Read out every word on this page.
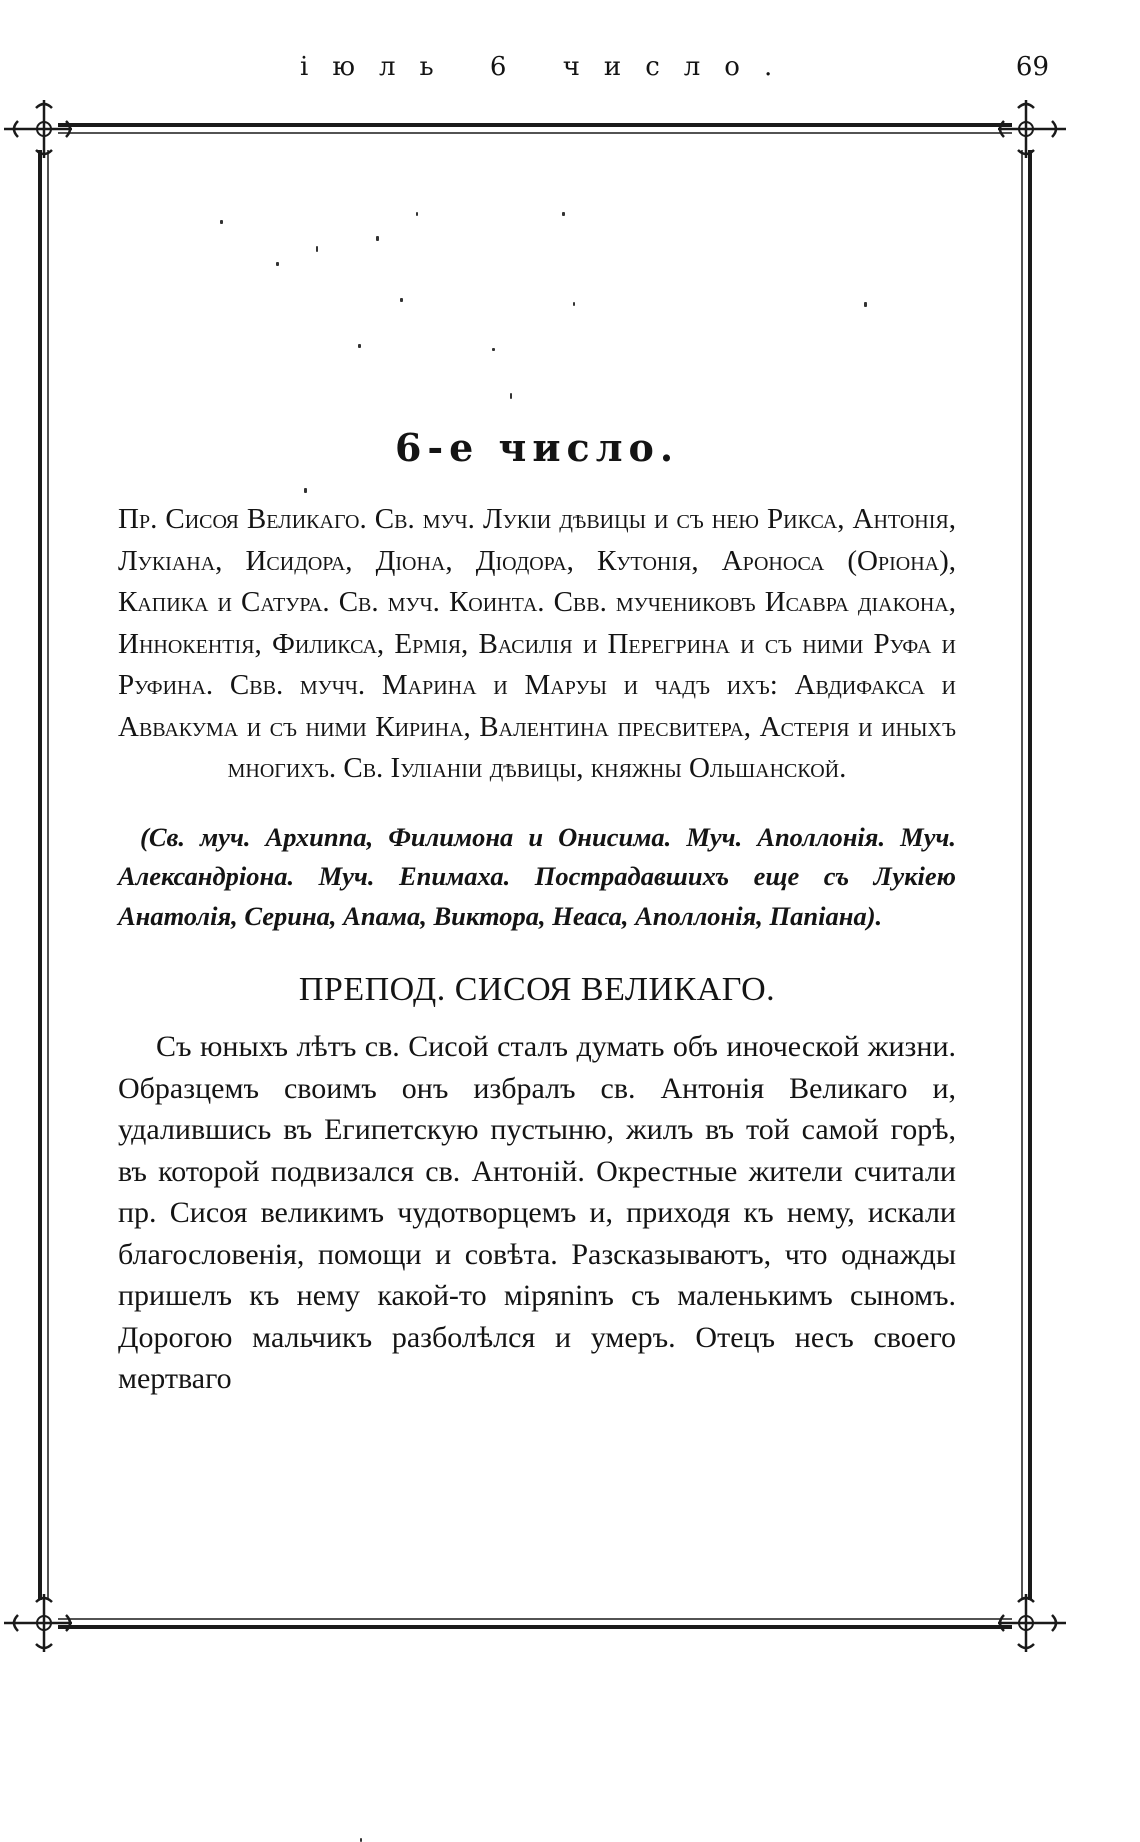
іюль 6 число.	69
6-е число.

Пр. Сисоя Великаго. Св. муч. Лукіи дѣвицы и съ нею Рикса, Антонія, Лукіана, Исидора, Діона, Діодора, Кутонія, Ароноса (Оріона), Капика и Сатура. Св. муч. Коинта. Свв. мучениковъ Исавра діакона, Иннокентія, Филикса, Ермія, Василія и Перегрина и съ ними Руфа и Руфина. Свв. мучч. Марина и Маруы и чадъ ихъ: Авдифакса и Аввакума и съ ними Кирина, Валентина пресвитера, Астерія и иныхъ многихъ. Св. Іуліаніи дѣвицы, княжны Ольшанской.

(Св. муч. Архиппа, Филимона и Онисима. Муч. Аполлонія. Муч. Александріона. Муч. Епимаха. Пострадавшихъ еще съ Лукіею Анатолія, Серина, Апама, Виктора, Неаса, Аполлонія, Папіана).

ПРЕПОД. СИСОЯ ВЕЛИКАГО.

Съ юныхъ лѣтъ св. Сисой сталъ думать объ иноческой жизни. Образцемъ своимъ онъ избралъ св. Антонія Великаго и, удалившись въ Египетскую пустыню, жилъ въ той самой горѣ, въ которой подвизался св. Антоній. Окрестные жители считали пр. Сисоя великимъ чудотворцемъ и, приходя къ нему, искали благословенія, помощи и совѣта. Разсказываютъ, что однажды пришелъ къ нему какой-то міряninъ съ маленькимъ сыномъ. Дорогою мальчикъ разболѣлся и умеръ. Отецъ несъ своего мертваго
